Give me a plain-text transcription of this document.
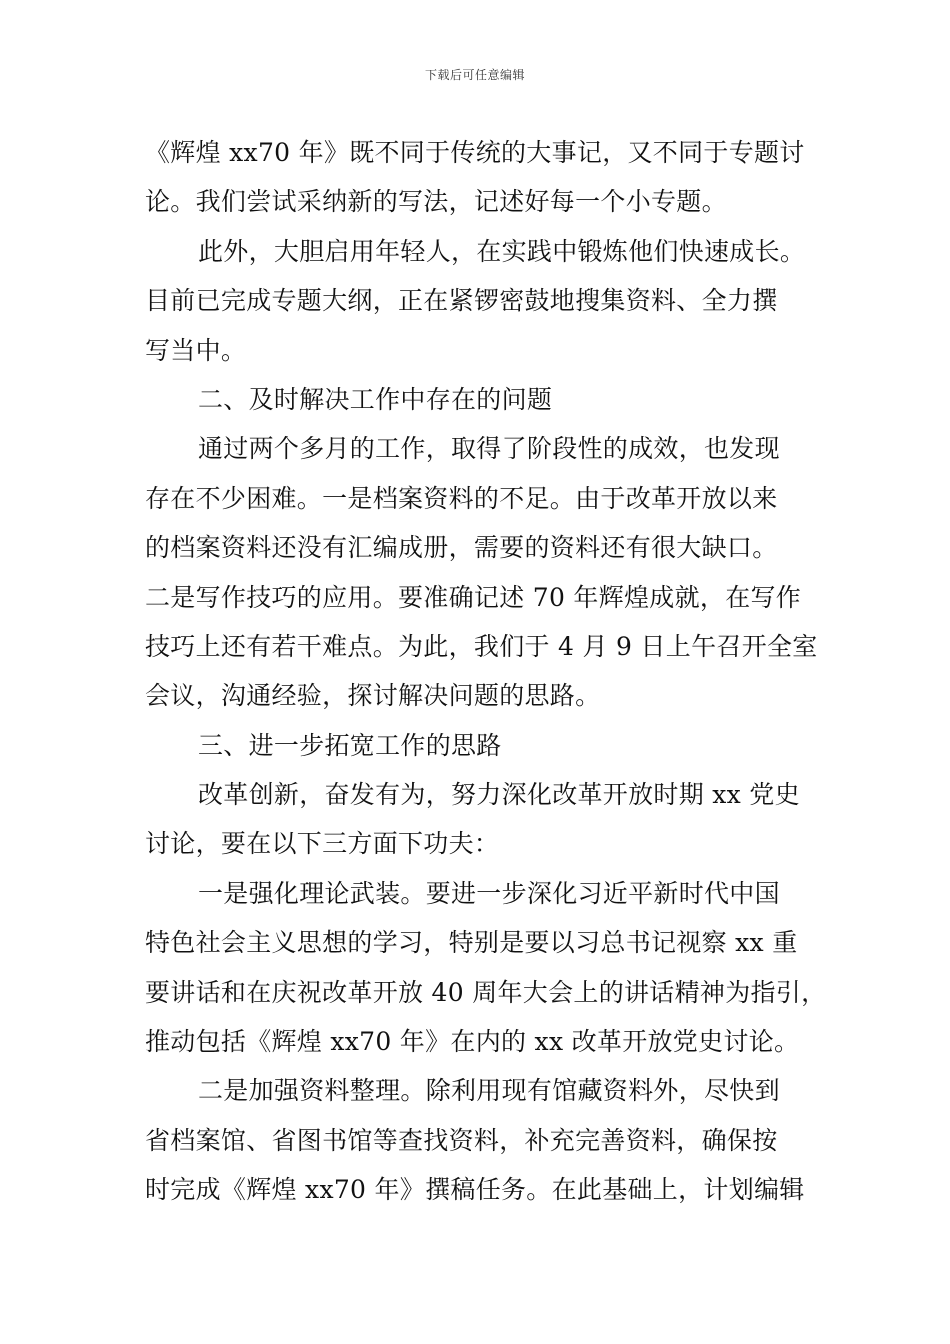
下载后可任意编辑
《辉煌 xx70 年》既不同于传统的大事记，又不同于专题讨
论。我们尝试采纳新的写法，记述好每一个小专题。
此外，大胆启用年轻人，在实践中锻炼他们快速成长。
目前已完成专题大纲，正在紧锣密鼓地搜集资料、全力撰
写当中。
二、及时解决工作中存在的问题
通过两个多月的工作，取得了阶段性的成效，也发现
存在不少困难。一是档案资料的不足。由于改革开放以来
的档案资料还没有汇编成册，需要的资料还有很大缺口。
二是写作技巧的应用。要准确记述 70 年辉煌成就，在写作
技巧上还有若干难点。为此，我们于 4 月 9 日上午召开全室
会议，沟通经验，探讨解决问题的思路。
三、进一步拓宽工作的思路
改革创新，奋发有为，努力深化改革开放时期 xx 党史
讨论，要在以下三方面下功夫：
一是强化理论武装。要进一步深化习近平新时代中国
特色社会主义思想的学习，特别是要以习总书记视察 xx 重
要讲话和在庆祝改革开放 40 周年大会上的讲话精神为指引，
推动包括《辉煌 xx70 年》在内的 xx 改革开放党史讨论。
二是加强资料整理。除利用现有馆藏资料外，尽快到
省档案馆、省图书馆等查找资料，补充完善资料，确保按
时完成《辉煌 xx70 年》撰稿任务。在此基础上，计划编辑
